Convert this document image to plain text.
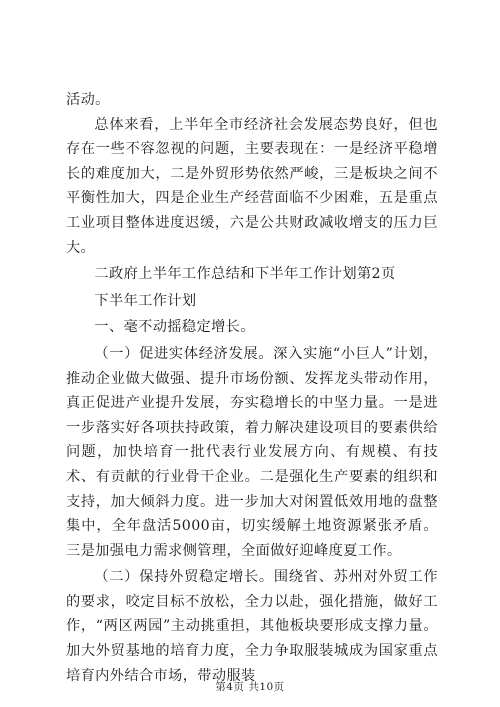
活动。

总体来看，上半年全市经济社会发展态势良好，但也存在一些不容忽视的问题，主要表现在：一是经济平稳增长的难度加大，二是外贸形势依然严峻，三是板块之间不平衡性加大，四是企业生产经营面临不少困难，五是重点工业项目整体进度迟缓，六是公共财政减收增支的压力巨大。

二政府上半年工作总结和下半年工作计划第2页

下半年工作计划

一、毫不动摇稳定增长。

（一）促进实体经济发展。深入实施“小巨人”计划，推动企业做大做强、提升市场份额、发挥龙头带动作用，真正促进产业提升发展，夯实稳增长的中坚力量。一是进一步落实好各项扶持政策，着力解决建设项目的要素供给问题，加快培育一批代表行业发展方向、有规模、有技术、有贡献的行业骨干企业。二是强化生产要素的组织和支持，加大倾斜力度。进一步加大对闲置低效用地的盘整集中，全年盘活5000亩，切实缓解土地资源紧张矛盾。三是加强电力需求侧管理，全面做好迎峰度夏工作。

（二）保持外贸稳定增长。围绕省、苏州对外贸工作的要求，咬定目标不放松，全力以赴，强化措施，做好工作，“两区两园”主动挑重担，其他板块要形成支撑力量。加大外贸基地的培育力度，全力争取服装城成为国家重点培育内外结合市场，带动服装

第4页 共10页
